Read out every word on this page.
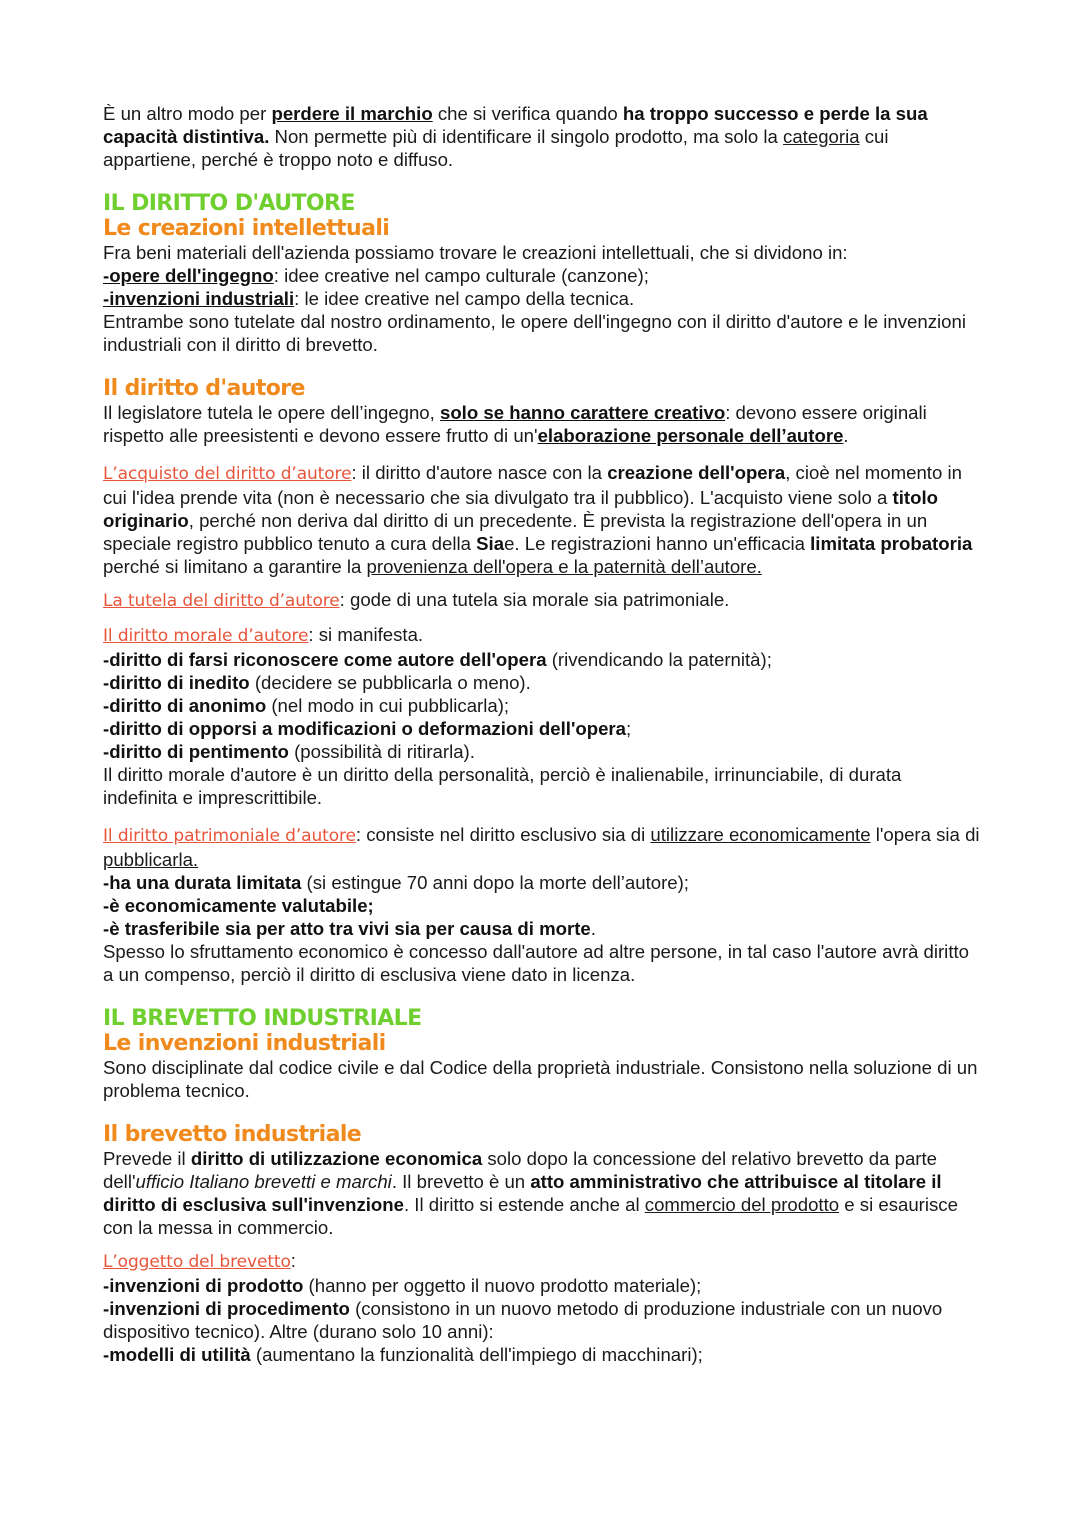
È un altro modo per perdere il marchio che si verifica quando ha troppo successo e perde la sua capacità distintiva. Non permette più di identificare il singolo prodotto, ma solo la categoria cui appartiene, perché è troppo noto e diffuso.

IL DIRITTO D'AUTORE

Le creazioni intellettuali

Fra beni materiali dell'azienda possiamo trovare le creazioni intellettuali, che si dividono in:

-opere dell'ingegno: idee creative nel campo culturale (canzone);

-invenzioni industriali: le idee creative nel campo della tecnica.

Entrambe sono tutelate dal nostro ordinamento, le opere dell'ingegno con il diritto d'autore e le invenzioni industriali con il diritto di brevetto.

Il diritto d'autore

Il legislatore tutela le opere dell’ingegno, solo se hanno carattere creativo: devono essere originali rispetto alle preesistenti e devono essere frutto di un'elaborazione personale dell’autore.

L’acquisto del diritto d’autore: il diritto d'autore nasce con la creazione dell'opera, cioè nel momento in cui l'idea prende vita (non è necessario che sia divulgato tra il pubblico). L'acquisto viene solo a titolo originario, perché non deriva dal diritto di un precedente. È prevista la registrazione dell'opera in un speciale registro pubblico tenuto a cura della Siae. Le registrazioni hanno un'efficacia limitata probatoria perché si limitano a garantire la provenienza dell'opera e la paternità dell’autore.

La tutela del diritto d’autore: gode di una tutela sia morale sia patrimoniale.

Il diritto morale d’autore: si manifesta.

-diritto di farsi riconoscere come autore dell'opera (rivendicando la paternità);

-diritto di inedito (decidere se pubblicarla o meno).

-diritto di anonimo (nel modo in cui pubblicarla);

-diritto di opporsi a modificazioni o deformazioni dell'opera;

-diritto di pentimento (possibilità di ritirarla).

Il diritto morale d'autore è un diritto della personalità, perciò è inalienabile, irrinunciabile, di durata indefinita e imprescrittibile.

Il diritto patrimoniale d’autore: consiste nel diritto esclusivo sia di utilizzare economicamente l'opera sia di pubblicarla.

-ha una durata limitata (si estingue 70 anni dopo la morte dell’autore);

-è economicamente valutabile;

-è trasferibile sia per atto tra vivi sia per causa di morte.

Spesso lo sfruttamento economico è concesso dall'autore ad altre persone, in tal caso l'autore avrà diritto a un compenso, perciò il diritto di esclusiva viene dato in licenza.

IL BREVETTO INDUSTRIALE

Le invenzioni industriali

Sono disciplinate dal codice civile e dal Codice della proprietà industriale. Consistono nella soluzione di un problema tecnico.

Il brevetto industriale

Prevede il diritto di utilizzazione economica solo dopo la concessione del relativo brevetto da parte dell'ufficio Italiano brevetti e marchi. Il brevetto è un atto amministrativo che attribuisce al titolare il diritto di esclusiva sull'invenzione. Il diritto si estende anche al commercio del prodotto e si esaurisce con la messa in commercio.

L’oggetto del brevetto:

-invenzioni di prodotto (hanno per oggetto il nuovo prodotto materiale);

-invenzioni di procedimento (consistono in un nuovo metodo di produzione industriale con un nuovo dispositivo tecnico). Altre (durano solo 10 anni):

-modelli di utilità (aumentano la funzionalità dell'impiego di macchinari);
